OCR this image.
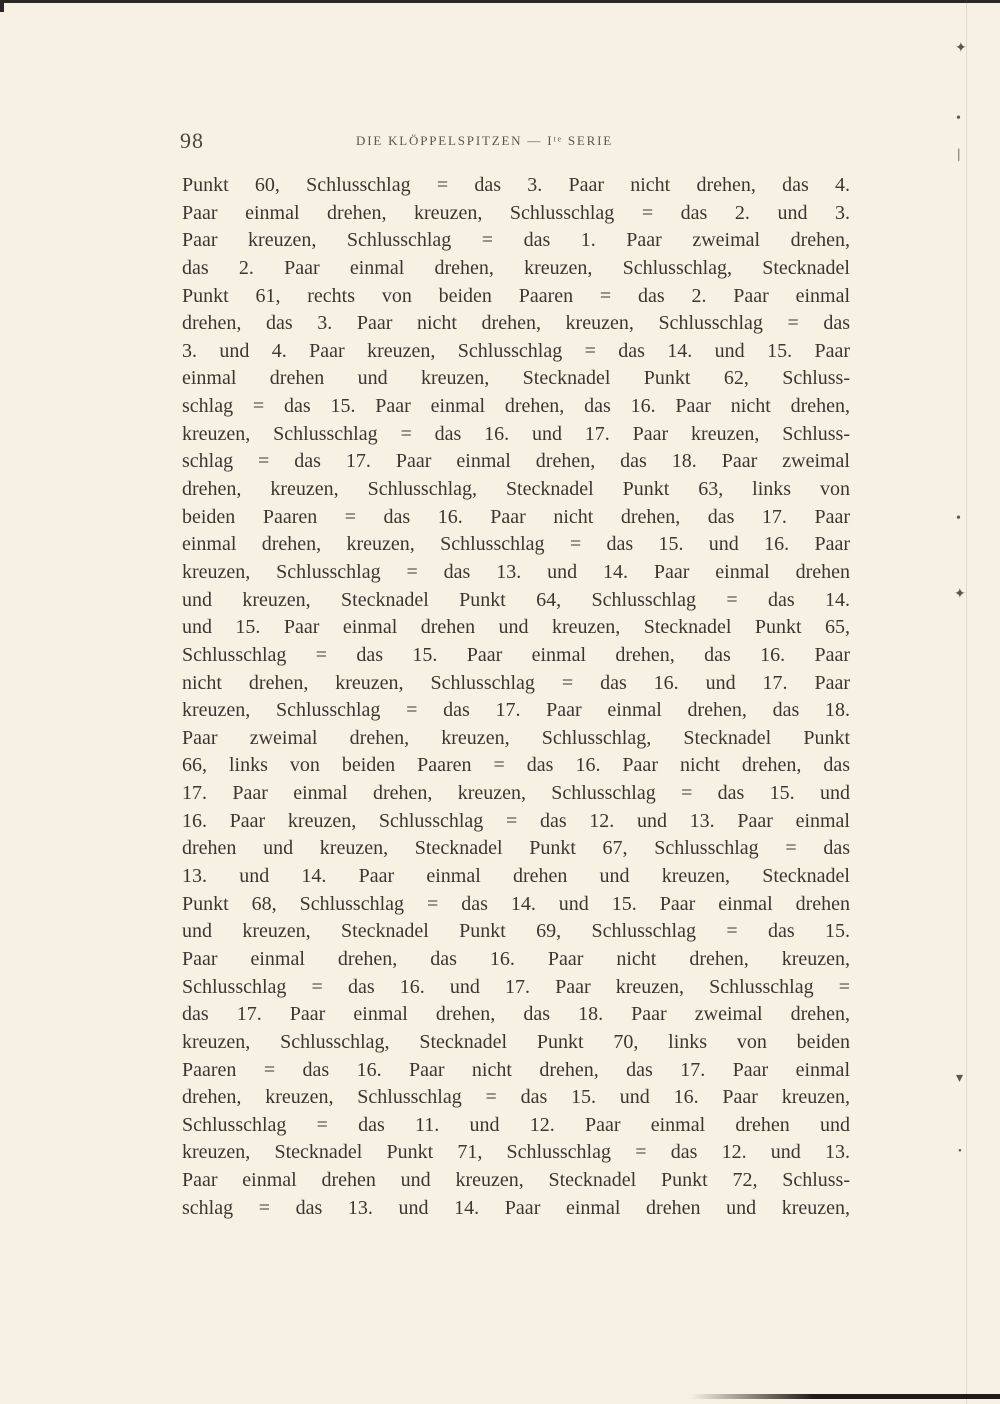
✦
•
ǀ
•
✦
▾
•
98	DIE KLÖPPELSPITZEN — Iᵗᵉ SERIE
Punkt 60, Schlusschlag = das 3. Paar nicht drehen, das 4.
Paar einmal drehen, kreuzen, Schlusschlag = das 2. und 3.
Paar kreuzen, Schlusschlag = das 1. Paar zweimal drehen,
das 2. Paar einmal drehen, kreuzen, Schlusschlag, Stecknadel
Punkt 61, rechts von beiden Paaren = das 2. Paar einmal
drehen, das 3. Paar nicht drehen, kreuzen, Schlusschlag = das
3. und 4. Paar kreuzen, Schlusschlag = das 14. und 15. Paar
einmal drehen und kreuzen, Stecknadel Punkt 62, Schluss-
schlag = das 15. Paar einmal drehen, das 16. Paar nicht drehen,
kreuzen, Schlusschlag = das 16. und 17. Paar kreuzen, Schluss-
schlag = das 17. Paar einmal drehen, das 18. Paar zweimal
drehen, kreuzen, Schlusschlag, Stecknadel Punkt 63, links von
beiden Paaren = das 16. Paar nicht drehen, das 17. Paar
einmal drehen, kreuzen, Schlusschlag = das 15. und 16. Paar
kreuzen, Schlusschlag = das 13. und 14. Paar einmal drehen
und kreuzen, Stecknadel Punkt 64, Schlusschlag = das 14.
und 15. Paar einmal drehen und kreuzen, Stecknadel Punkt 65,
Schlusschlag = das 15. Paar einmal drehen, das 16. Paar
nicht drehen, kreuzen, Schlusschlag = das 16. und 17. Paar
kreuzen, Schlusschlag = das 17. Paar einmal drehen, das 18.
Paar zweimal drehen, kreuzen, Schlusschlag, Stecknadel Punkt
66, links von beiden Paaren = das 16. Paar nicht drehen, das
17. Paar einmal drehen, kreuzen, Schlusschlag = das 15. und
16. Paar kreuzen, Schlusschlag = das 12. und 13. Paar einmal
drehen und kreuzen, Stecknadel Punkt 67, Schlusschlag = das
13. und 14. Paar einmal drehen und kreuzen, Stecknadel
Punkt 68, Schlusschlag = das 14. und 15. Paar einmal drehen
und kreuzen, Stecknadel Punkt 69, Schlusschlag = das 15.
Paar einmal drehen, das 16. Paar nicht drehen, kreuzen,
Schlusschlag = das 16. und 17. Paar kreuzen, Schlusschlag =
das 17. Paar einmal drehen, das 18. Paar zweimal drehen,
kreuzen, Schlusschlag, Stecknadel Punkt 70, links von beiden
Paaren = das 16. Paar nicht drehen, das 17. Paar einmal
drehen, kreuzen, Schlusschlag = das 15. und 16. Paar kreuzen,
Schlusschlag = das 11. und 12. Paar einmal drehen und
kreuzen, Stecknadel Punkt 71, Schlusschlag = das 12. und 13.
Paar einmal drehen und kreuzen, Stecknadel Punkt 72, Schluss-
schlag = das 13. und 14. Paar einmal drehen und kreuzen,
